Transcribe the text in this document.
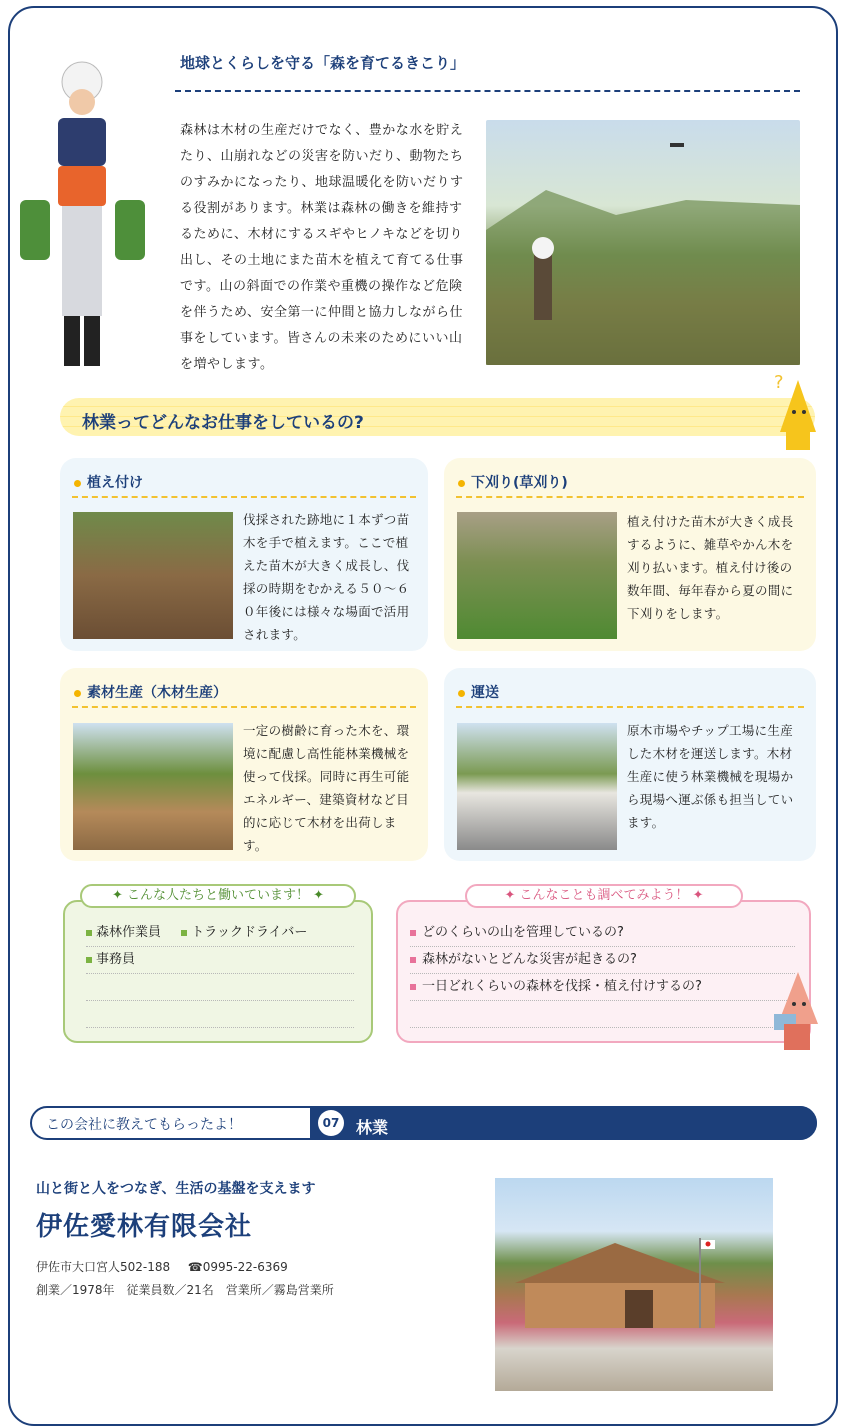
地球とくらしを守る「森を育てるきこり」
森林は木材の生産だけでなく、豊かな水を貯えたり、山崩れなどの災害を防いだり、動物たちのすみかになったり、地球温暖化を防いだりする役割があります。林業は森林の働きを維持するために、木材にするスギやヒノキなどを切り出し、その土地にまた苗木を植えて育てる仕事です。山の斜面での作業や重機の操作など危険を伴うため、安全第一に仲間と協力しながら仕事をしています。皆さんの未来のためにいい山を増やします。
林業ってどんなお仕事をしているの?
?
植え付け
伐採された跡地に１本ずつ苗木を手で植えます。ここで植えた苗木が大きく成長し、伐採の時期をむかえる５０～６０年後には様々な場面で活用されます。
下刈り(草刈り)
植え付けた苗木が大きく成長するように、雑草やかん木を刈り払います。植え付け後の数年間、毎年春から夏の間に下刈りをします。
素材生産（木材生産）
一定の樹齢に育った木を、環境に配慮し高性能林業機械を使って伐採。同時に再生可能エネルギー、建築資材など目的に応じて木材を出荷します。
運送
原木市場やチップ工場に生産した木材を運送します。木材生産に使う林業機械を現場から現場へ運ぶ係も担当しています。
✦ こんな人たちと働いています！ ✦
森林作業員 トラックドライバー
事務員
✦ こんなことも調べてみよう！ ✦
どのくらいの山を管理しているの?
森林がないとどんな災害が起きるの?
一日どれくらいの森林を伐採・植え付けするの?
この会社に教えてもらったよ！	07 林業
山と街と人をつなぎ、生活の基盤を支えます
伊佐愛林有限会社
伊佐市大口宮人502-188 ☎0995-22-6369
創業／1978年　従業員数／21名　営業所／霧島営業所
